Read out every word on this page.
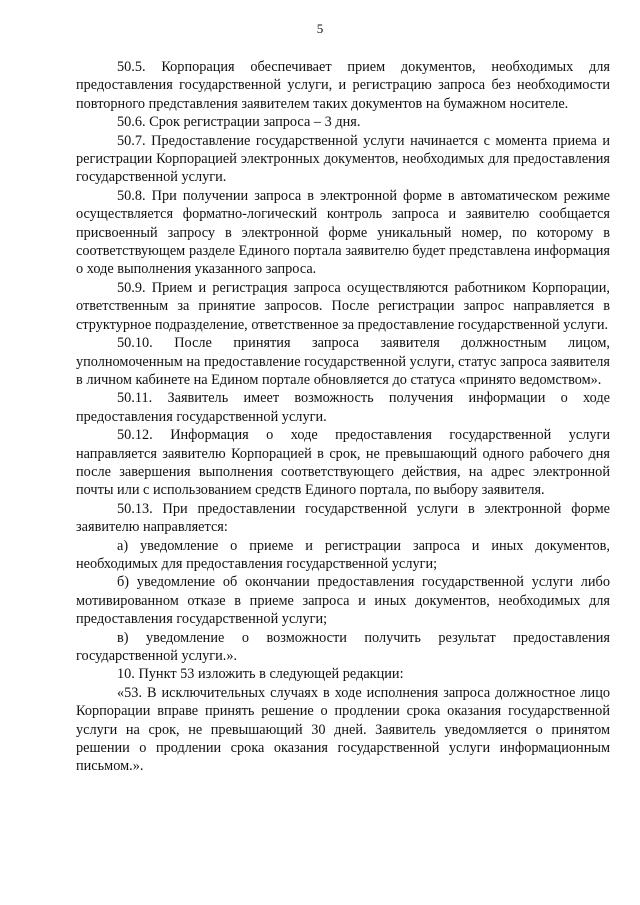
5

50.5. Корпорация обеспечивает прием документов, необходимых для предоставления государственной услуги, и регистрацию запроса без необходимости повторного представления заявителем таких документов на бумажном носителе.

50.6. Срок регистрации запроса – 3 дня.

50.7. Предоставление государственной услуги начинается с момента приема и регистрации Корпорацией электронных документов, необходимых для предоставления государственной услуги.

50.8. При получении запроса в электронной форме в автоматическом режиме осуществляется форматно-логический контроль запроса и заявителю сообщается присвоенный запросу в электронной форме уникальный номер, по которому в соответствующем разделе Единого портала заявителю будет представлена информация о ходе выполнения указанного запроса.

50.9. Прием и регистрация запроса осуществляются работником Корпорации, ответственным за принятие запросов. После регистрации запрос направляется в структурное подразделение, ответственное за предоставление государственной услуги.

50.10. После принятия запроса заявителя должностным лицом, уполномоченным на предоставление государственной услуги, статус запроса заявителя в личном кабинете на Едином портале обновляется до статуса «принято ведомством».

50.11. Заявитель имеет возможность получения информации о ходе предоставления государственной услуги.

50.12. Информация о ходе предоставления государственной услуги направляется заявителю Корпорацией в срок, не превышающий одного рабочего дня после завершения выполнения соответствующего действия, на адрес электронной почты или с использованием средств Единого портала, по выбору заявителя.

50.13. При предоставлении государственной услуги в электронной форме заявителю направляется:

а) уведомление о приеме и регистрации запроса и иных документов, необходимых для предоставления государственной услуги;

б) уведомление об окончании предоставления государственной услуги либо мотивированном отказе в приеме запроса и иных документов, необходимых для предоставления государственной услуги;

в) уведомление о возможности получить результат предоставления государственной услуги.».

10. Пункт 53 изложить в следующей редакции:

«53. В исключительных случаях в ходе исполнения запроса должностное лицо Корпорации вправе принять решение о продлении срока оказания государственной услуги на срок, не превышающий 30 дней. Заявитель уведомляется о принятом решении о продлении срока оказания государственной услуги информационным письмом.».
